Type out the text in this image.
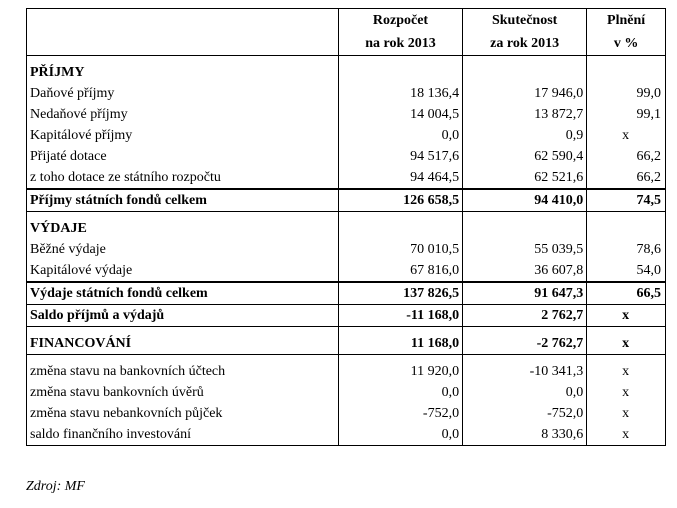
	Rozpočet	Skutečnost	Plnění
	na rok 2013	za rok 2013	v %
PŘÍJMY			
Daňové příjmy	18 136,4	17 946,0	99,0
Nedaňové příjmy	14 004,5	13 872,7	99,1
Kapitálové příjmy	0,0	0,9	x
Přijaté dotace	94 517,6	62 590,4	66,2
z toho dotace ze státního rozpočtu	94 464,5	62 521,6	66,2
Příjmy státních fondů celkem	126 658,5	94 410,0	74,5
VÝDAJE			
Běžné výdaje	70 010,5	55 039,5	78,6
Kapitálové výdaje	67 816,0	36 607,8	54,0
Výdaje státních fondů celkem	137 826,5	91 647,3	66,5
Saldo příjmů a výdajů	-11 168,0	2 762,7	x
FINANCOVÁNÍ	11 168,0	-2 762,7	x
změna stavu na bankovních účtech	11 920,0	-10 341,3	x
změna stavu bankovních úvěrů	0,0	0,0	x
změna stavu nebankovních půjček	-752,0	-752,0	x
saldo finančního investování	0,0	8 330,6	x
Zdroj: MF
